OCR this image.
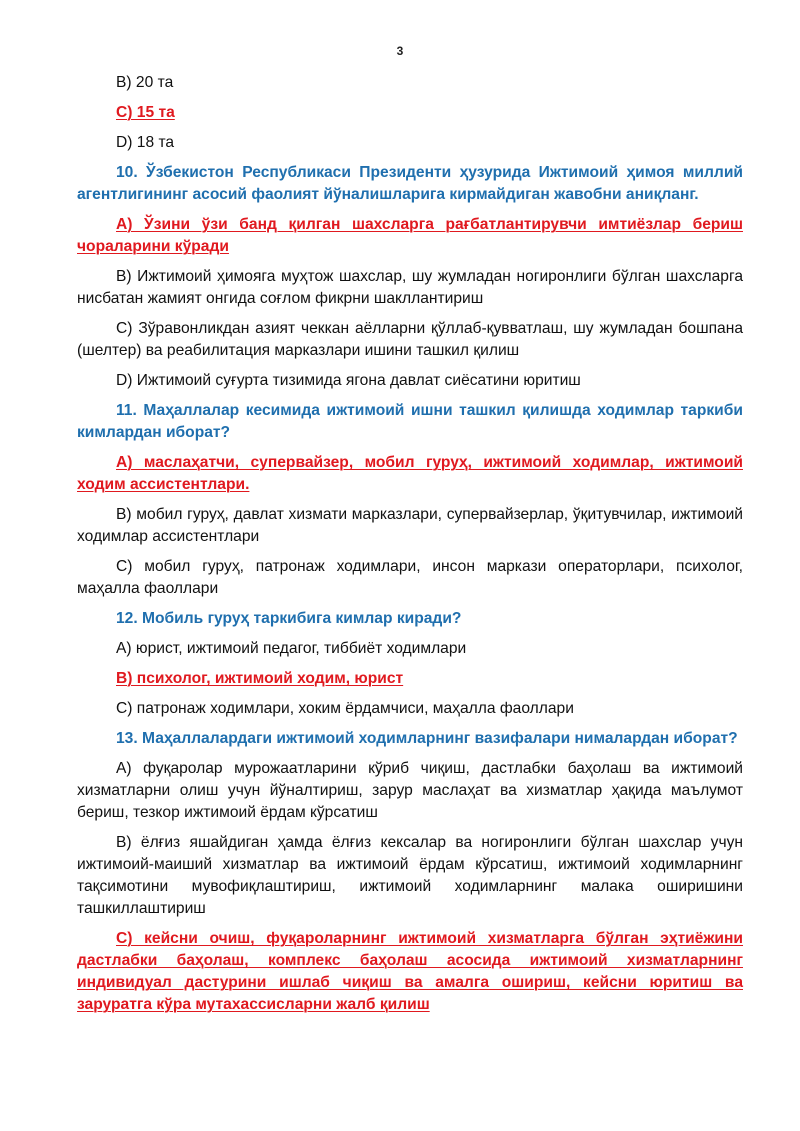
3

B) 20 та

C) 15 та

D) 18 та

10. Ўзбекистон Республикаси Президенти ҳузурида Ижтимоий ҳимоя миллий агентлигининг асосий фаолият йўналишларига кирмайдиган жавобни аниқланг.

A) Ўзини ўзи банд қилган шахсларга рағбатлантирувчи имтиёзлар бериш чораларини кўради

B) Ижтимоий ҳимояга муҳтож шахслар, шу жумладан ногиронлиги бўлган шахсларга нисбатан жамият онгида соғлом фикрни шакллантириш

C) Зўравонликдан азият чеккан аёлларни қўллаб-қувватлаш, шу жумладан бошпана (шелтер) ва реабилитация марказлари ишини ташкил қилиш

D) Ижтимоий суғурта тизимида ягона давлат сиёсатини юритиш

11. Маҳаллалар кесимида ижтимоий ишни ташкил қилишда ходимлар таркиби кимлардан иборат?

A) маслаҳатчи, супервайзер, мобил гуруҳ, ижтимоий ходимлар, ижтимоий ходим ассистентлари.

B) мобил гуруҳ, давлат хизмати марказлари, супервайзерлар, ўқитувчилар, ижтимоий ходимлар ассистентлари

C) мобил гуруҳ, патронаж ходимлари, инсон маркази операторлари, психолог, маҳалла фаоллари

12. Мобиль гуруҳ таркибига кимлар киради?

A) юрист, ижтимоий педагог, тиббиёт ходимлари

B) психолог, ижтимоий ходим, юрист

C) патронаж ходимлари, хоким ёрдамчиси, маҳалла фаоллари

13. Маҳаллалардаги ижтимоий ходимларнинг вазифалари нималардан иборат?

A) фуқаролар мурожаатларини кўриб чиқиш, дастлабки баҳолаш ва ижтимоий хизматларни олиш учун йўналтириш, зарур маслаҳат ва хизматлар ҳақида маълумот бериш, тезкор ижтимоий ёрдам кўрсатиш

B) ёлғиз яшайдиган ҳамда ёлғиз кексалар ва ногиронлиги бўлган шахслар учун ижтимоий-маиший хизматлар ва ижтимоий ёрдам кўрсатиш, ижтимоий ходимларнинг тақсимотини мувофиқлаштириш, ижтимоий ходимларнинг малака оширишини ташкиллаштириш

C) кейсни очиш, фуқароларнинг ижтимоий хизматларга бўлган эҳтиёжини дастлабки баҳолаш, комплекс баҳолаш асосида ижтимоий хизматларнинг индивидуал дастурини ишлаб чиқиш ва амалга ошириш, кейсни юритиш ва заруратга кўра мутахассисларни жалб қилиш
